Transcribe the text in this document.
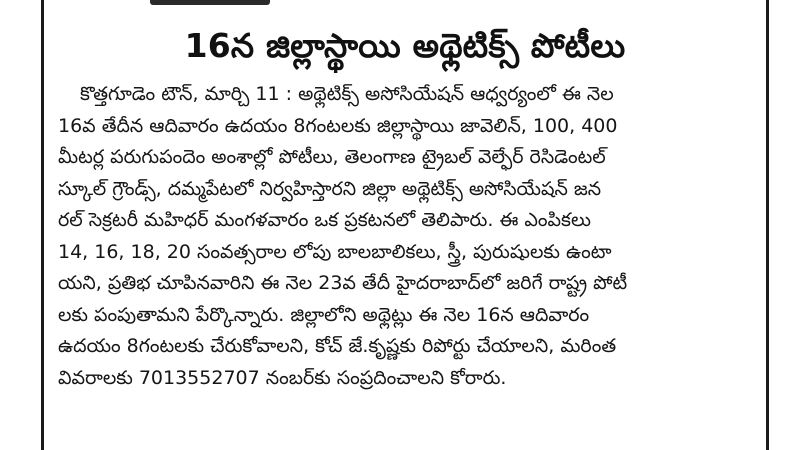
16న జిల్లాస్థాయి అథ్లెటిక్స్ పోటీలు
కొత్తగూడెం టౌన్, మార్చి 11 : అథ్లెటిక్స్ అసోసియేషన్ ఆధ్వర్యంలో ఈ నెల
16వ తేదీన ఆదివారం ఉదయం 8గంటలకు జిల్లాస్థాయి జావెలిన్, 100, 400
మీటర్ల పరుగుపందెం అంశాల్లో పోటీలు, తెలంగాణ ట్రైబల్ వెల్ఫేర్ రెసిడెంటల్
స్కూల్ గ్రౌండ్స్, దమ్మపేటలో నిర్వహిస్తారని జిల్లా అథ్లెటిక్స్ అసోసియేషన్ జన
రల్ సెక్రటరీ మహిధర్ మంగళవారం ఒక ప్రకటనలో తెలిపారు. ఈ ఎంపికలు
14, 16, 18, 20 సంవత్సరాల లోపు బాలబాలికలు, స్త్రీ, పురుషులకు ఉంటా
యని, ప్రతిభ చూపినవారిని ఈ నెల 23వ తేదీ హైదరాబాద్‌లో జరిగే రాష్ట్ర పోటీ
లకు పంపుతామని పేర్కొన్నారు. జిల్లాలోని అథ్లెట్లు ఈ నెల 16న ఆదివారం
ఉదయం 8గంటలకు చేరుకోవాలని, కోచ్ జే.కృష్ణకు రిపోర్టు చేయాలని, మరింత
వివరాలకు 7013552707 నంబర్‌కు సంప్రదించాలని కోరారు.
